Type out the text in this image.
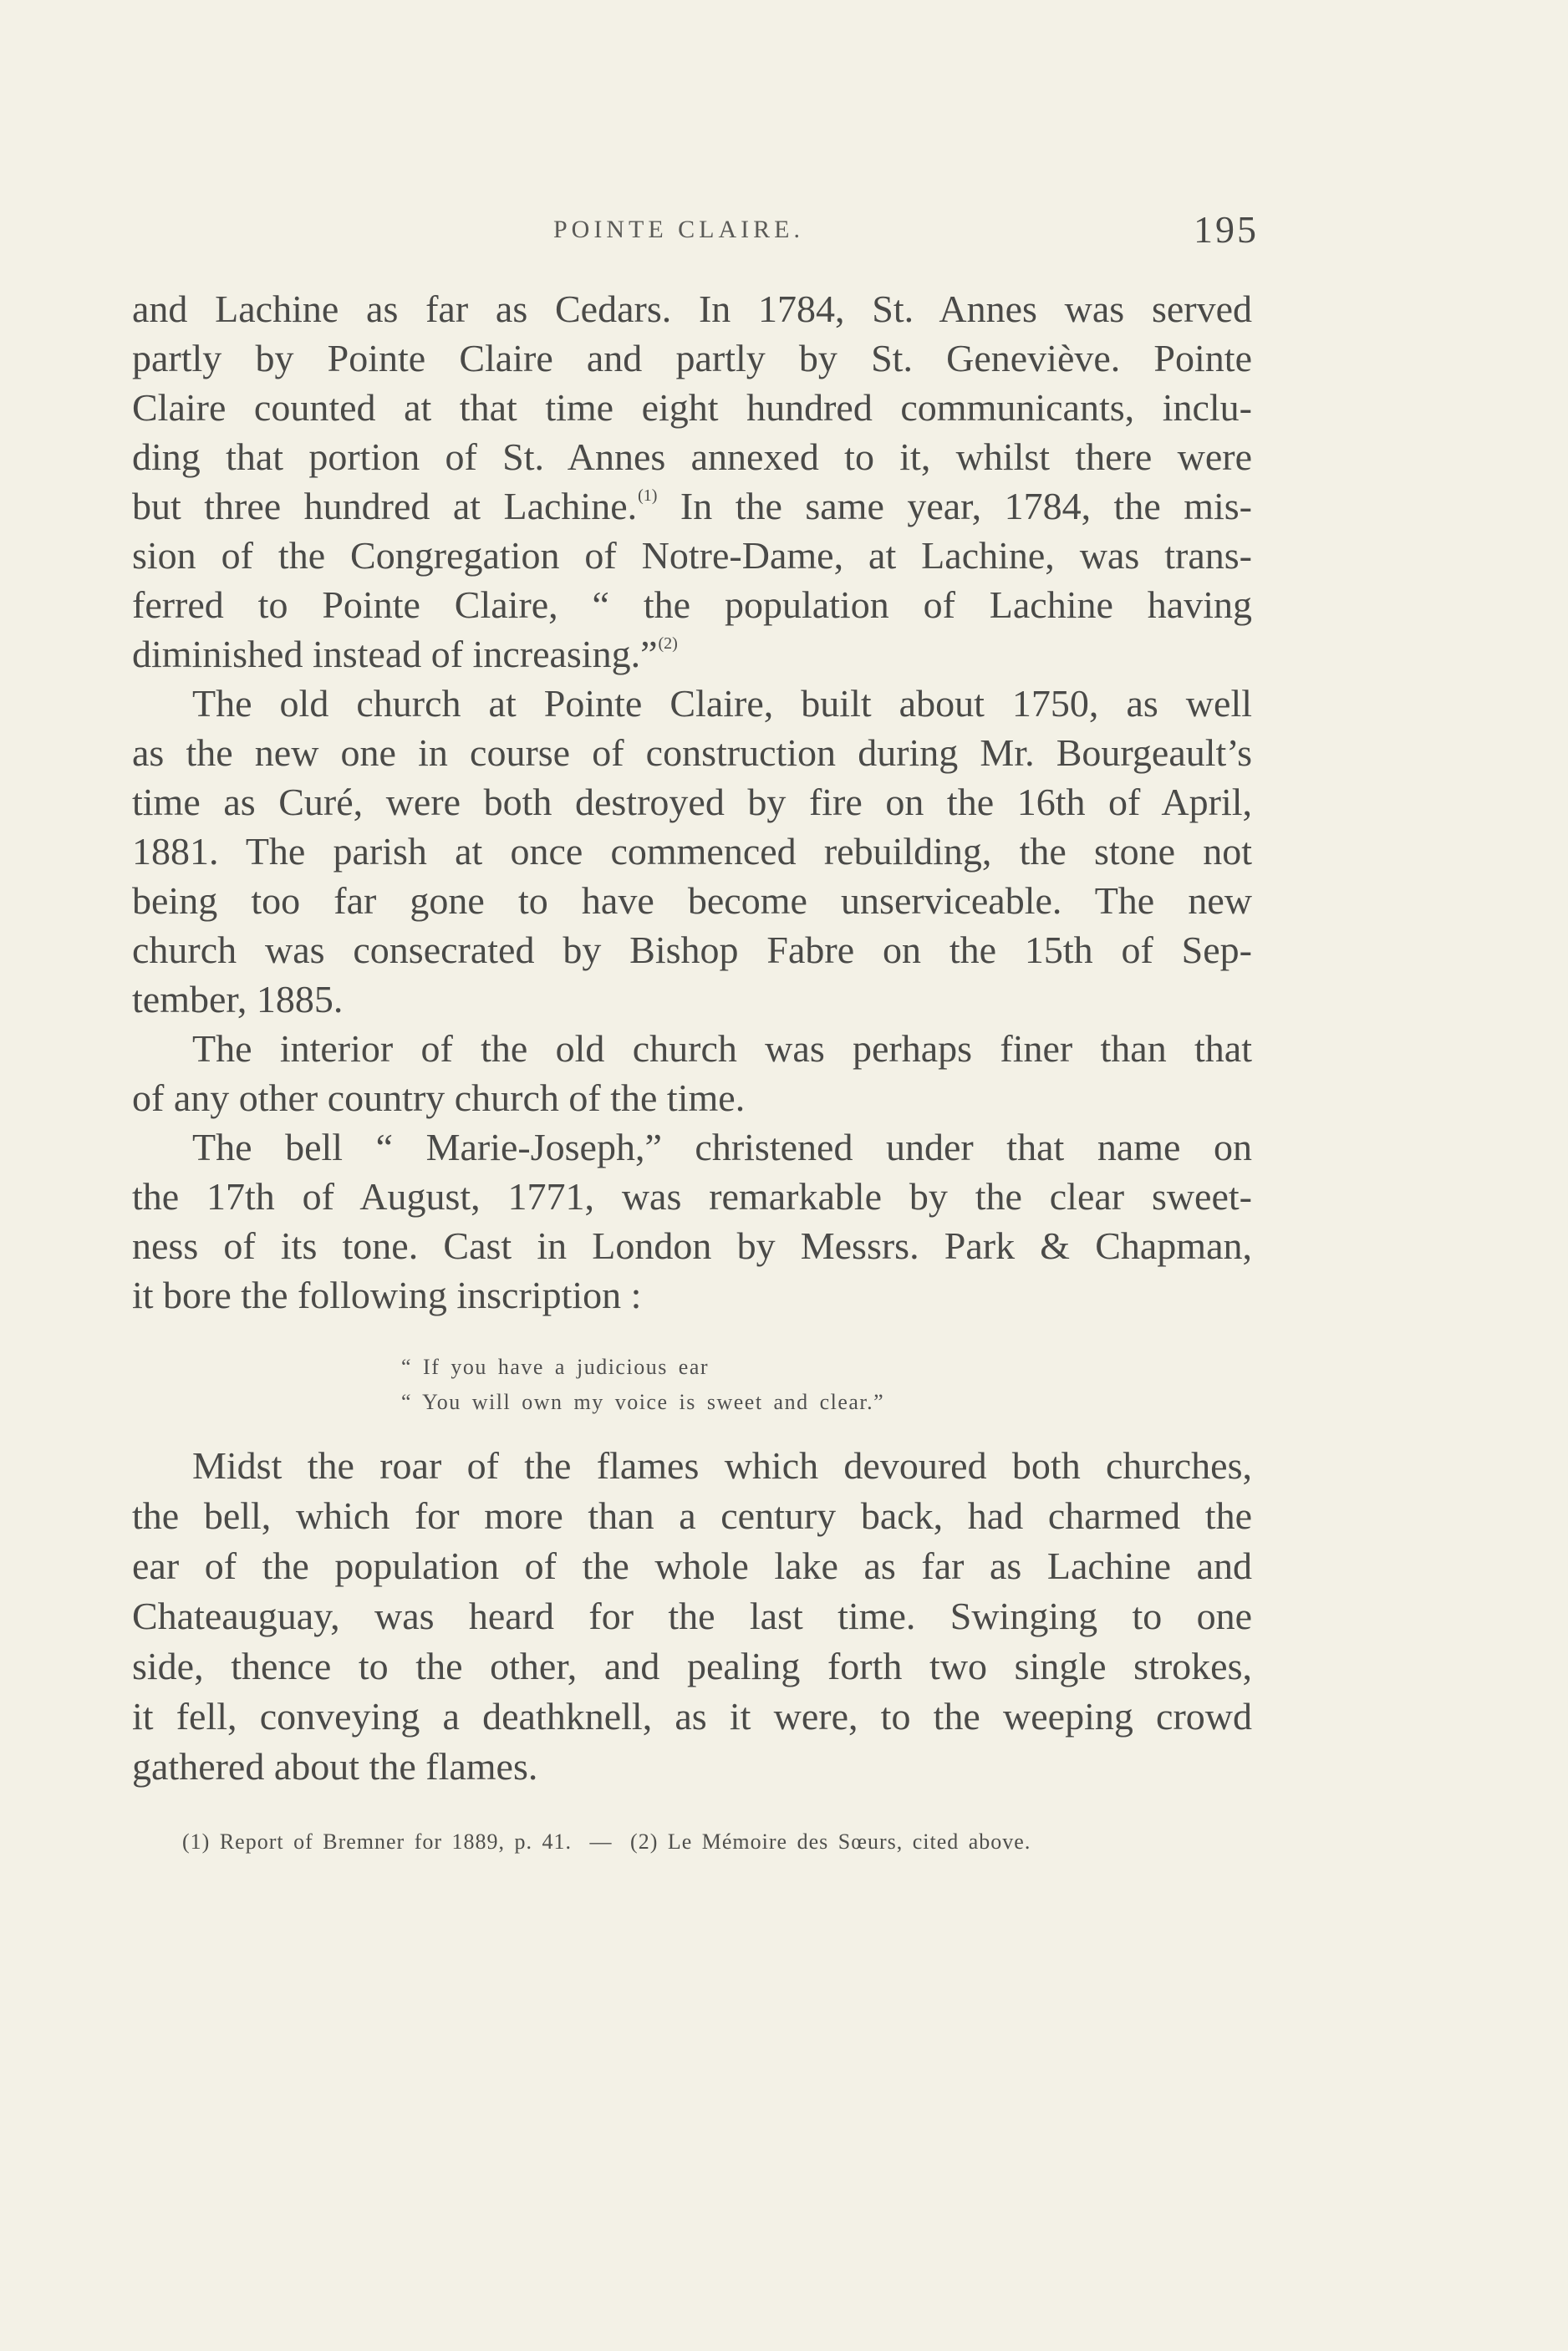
POINTE CLAIRE.	195
and Lachine as far as Cedars. In 1784, St. Annes was served
partly by Pointe Claire and partly by St. Geneviève. Pointe
Claire counted at that time eight hundred communicants, inclu-
ding that portion of St. Annes annexed to it, whilst there were
but three hundred at Lachine.$^{(1)}$ In the same year, 1784, the mis-
sion of the Congregation of Notre-Dame, at Lachine, was trans-
ferred to Pointe Claire, “ the population of Lachine having
diminished instead of increasing.”$^{(2)}$
The old church at Pointe Claire, built about 1750, as well
as the new one in course of construction during Mr. Bourgeault’s
time as Curé, were both destroyed by fire on the 16th of April,
1881. The parish at once commenced rebuilding, the stone not
being too far gone to have become unserviceable. The new
church was consecrated by Bishop Fabre on the 15th of Sep-
tember, 1885.
The interior of the old church was perhaps finer than that
of any other country church of the time.
The bell “ Marie-Joseph,” christened under that name on
the 17th of August, 1771, was remarkable by the clear sweet-
ness of its tone. Cast in London by Messrs. Park & Chapman,
it bore the following inscription :
“ If you have a judicious ear
“ You will own my voice is sweet and clear.”
Midst the roar of the flames which devoured both churches,
the bell, which for more than a century back, had charmed the
ear of the population of the whole lake as far as Lachine and
Chateauguay, was heard for the last time. Swinging to one
side, thence to the other, and pealing forth two single strokes,
it fell, conveying a deathknell, as it were, to the weeping crowd
gathered about the flames.
(1) Report of Bremner for 1889, p. 41. — (2) Le Mémoire des Sœurs, cited above.
